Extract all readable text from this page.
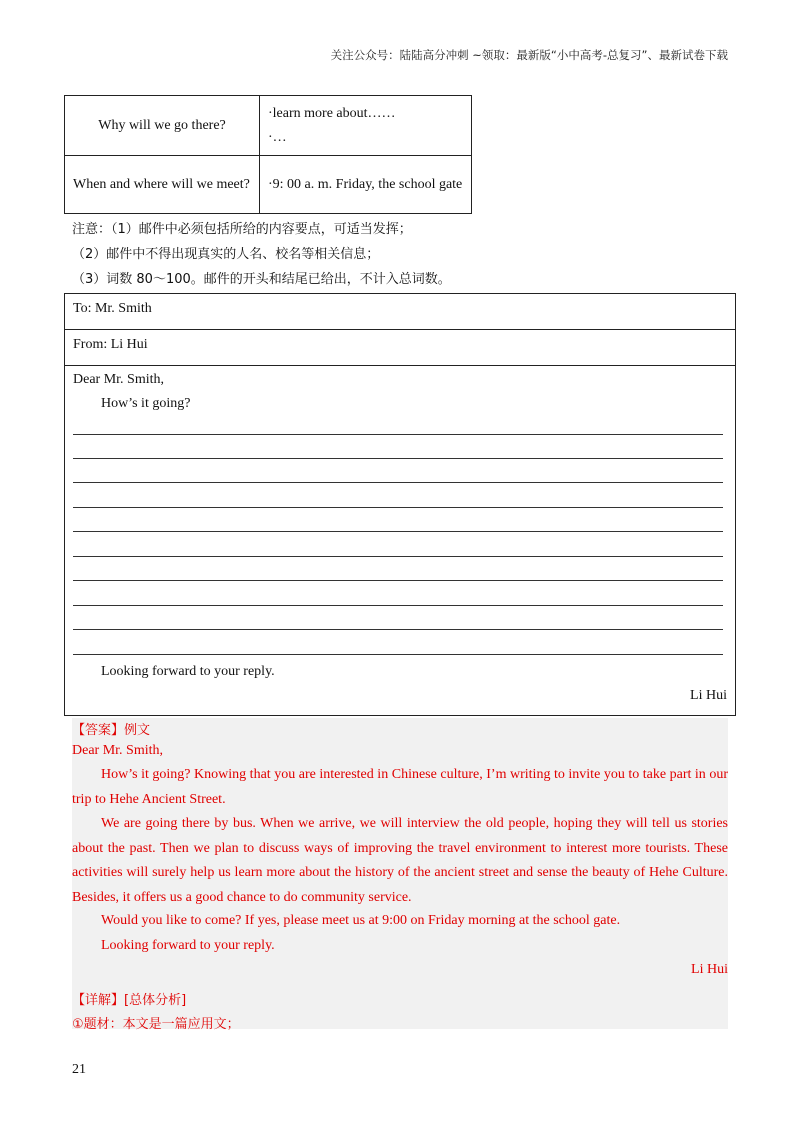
关注公众号：陆陆高分冲刺 ~领取：最新版“小中高考-总复习”、最新试卷下载
Why will we go there?	·learn more about……
·…

When and where will we meet?	·9: 00 a. m. Friday, the school gate
注意：（1）邮件中必须包括所给的内容要点，可适当发挥；
（2）邮件中不得出现真实的人名、校名等相关信息；
（3）词数 80～100。邮件的开头和结尾已给出，不计入总词数。
To: Mr. Smith
From: Li Hui
Dear Mr. Smith,
How’s it going?
Looking forward to your reply.
Li Hui
【答案】例文
Dear Mr. Smith,
How’s it going? Knowing that you are interested in Chinese culture, I’m writing to invite you to take part in our trip to Hehe Ancient Street.
We are going there by bus. When we arrive, we will interview the old people, hoping they will tell us stories about the past. Then we plan to discuss ways of improving the travel environment to interest more tourists. These activities will surely help us learn more about the history of the ancient street and sense the beauty of Hehe Culture. Besides, it offers us a good chance to do community service.
Would you like to come? If yes, please meet us at 9:00 on Friday morning at the school gate.
Looking forward to your reply.
Li Hui
【详解】[总体分析]
①题材：本文是一篇应用文；
21
